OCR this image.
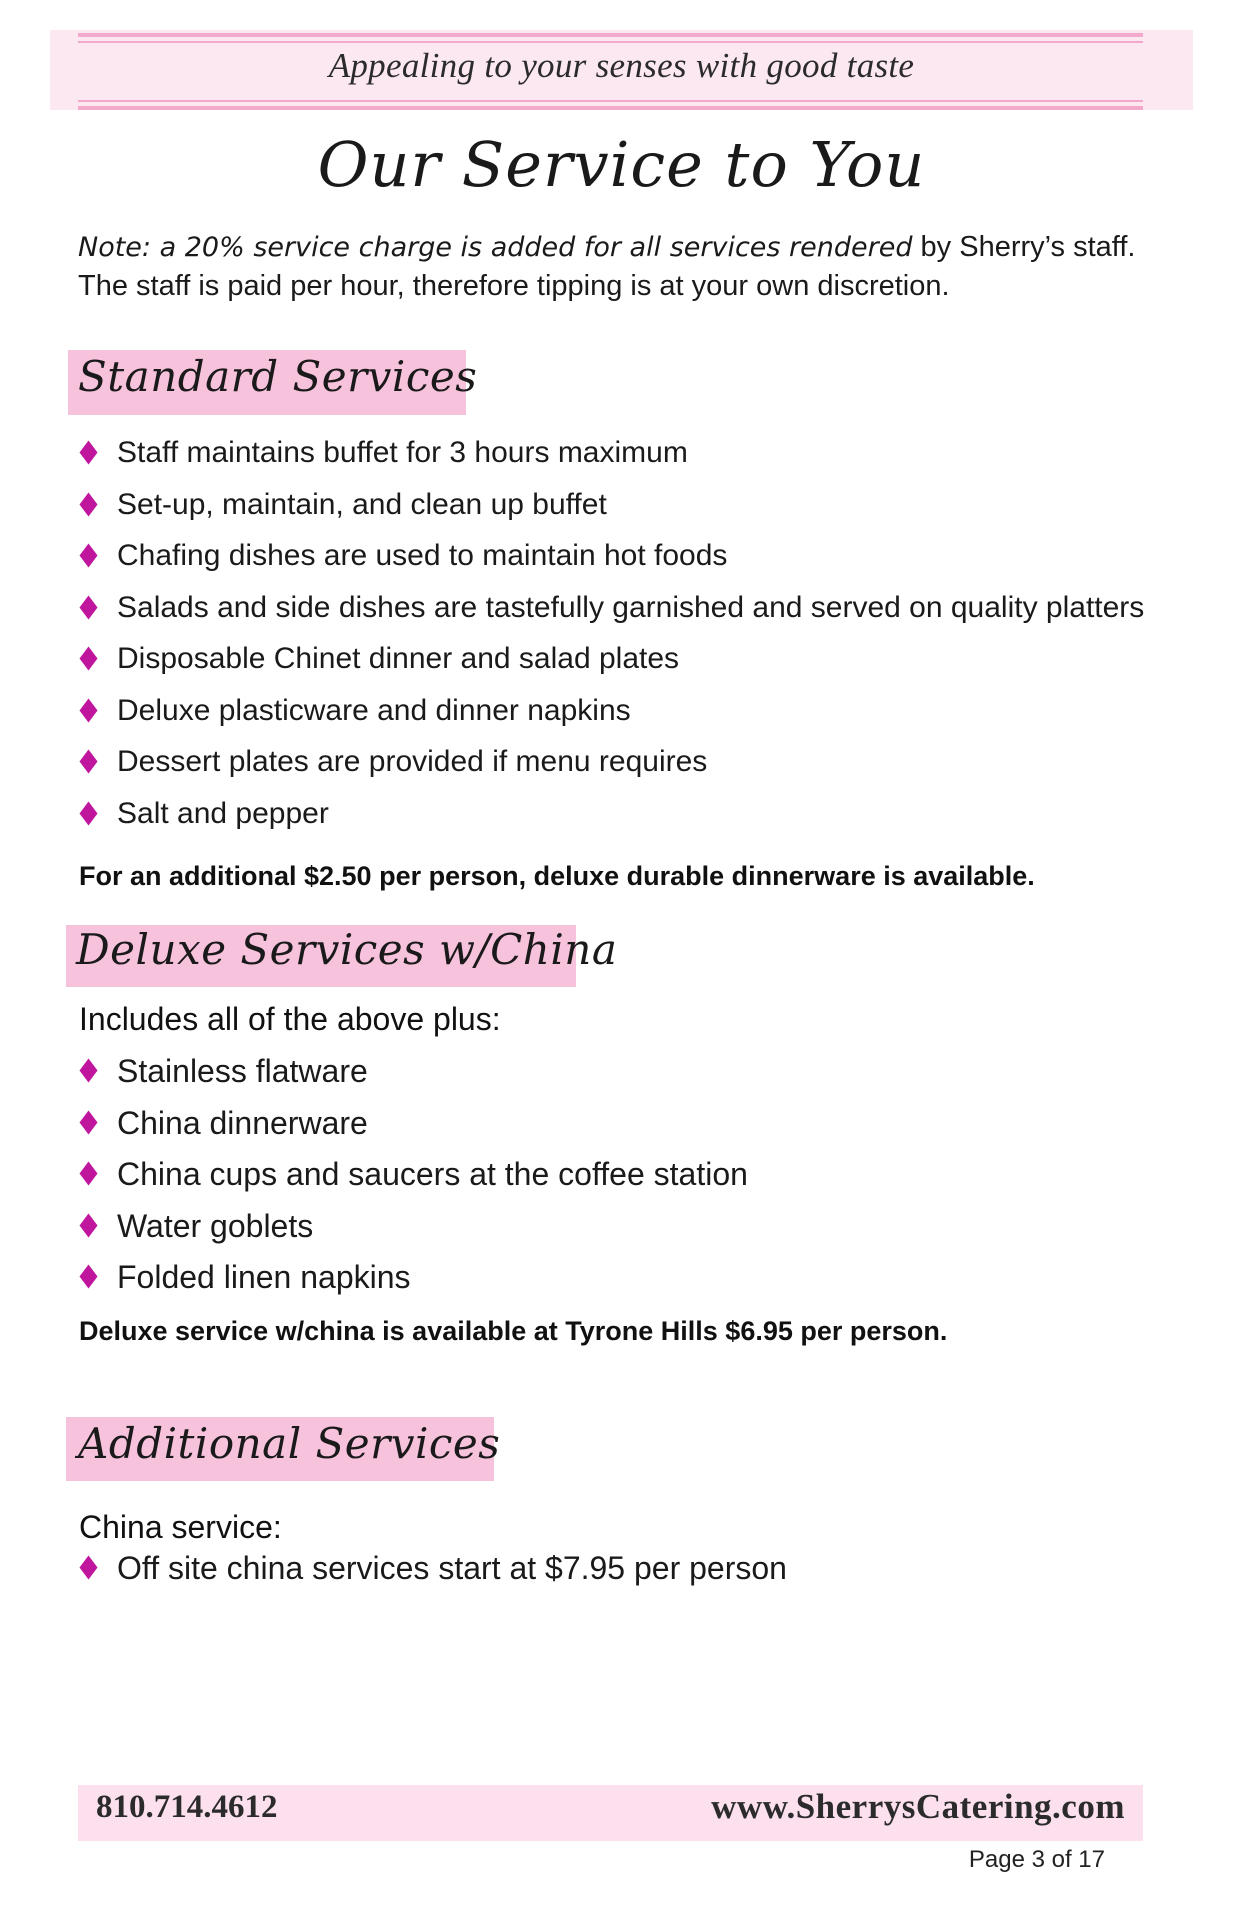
Appealing to your senses with good taste
Our Service to You
Note: a 20% service charge is added for all services rendered by Sherry’s staff. The staff is paid per hour, therefore tipping is at your own discretion.
Standard Services
Staff maintains buffet for 3 hours maximum
Set-up, maintain, and clean up buffet
Chafing dishes are used to maintain hot foods
Salads and side dishes are tastefully garnished and served on quality platters
Disposable Chinet dinner and salad plates
Deluxe plasticware and dinner napkins
Dessert plates are provided if menu requires
Salt and pepper
For an additional $2.50 per person, deluxe durable dinnerware is available.
Deluxe Services w/China
Includes all of the above plus:
Stainless flatware
China dinnerware
China cups and saucers at the coffee station
Water goblets
Folded linen napkins
Deluxe service w/china is available at Tyrone Hills $6.95 per person.
Additional Services
China service:
Off site china services start at $7.95 per person
810.714.4612	www.SherrysCatering.com
Page 3 of 17
